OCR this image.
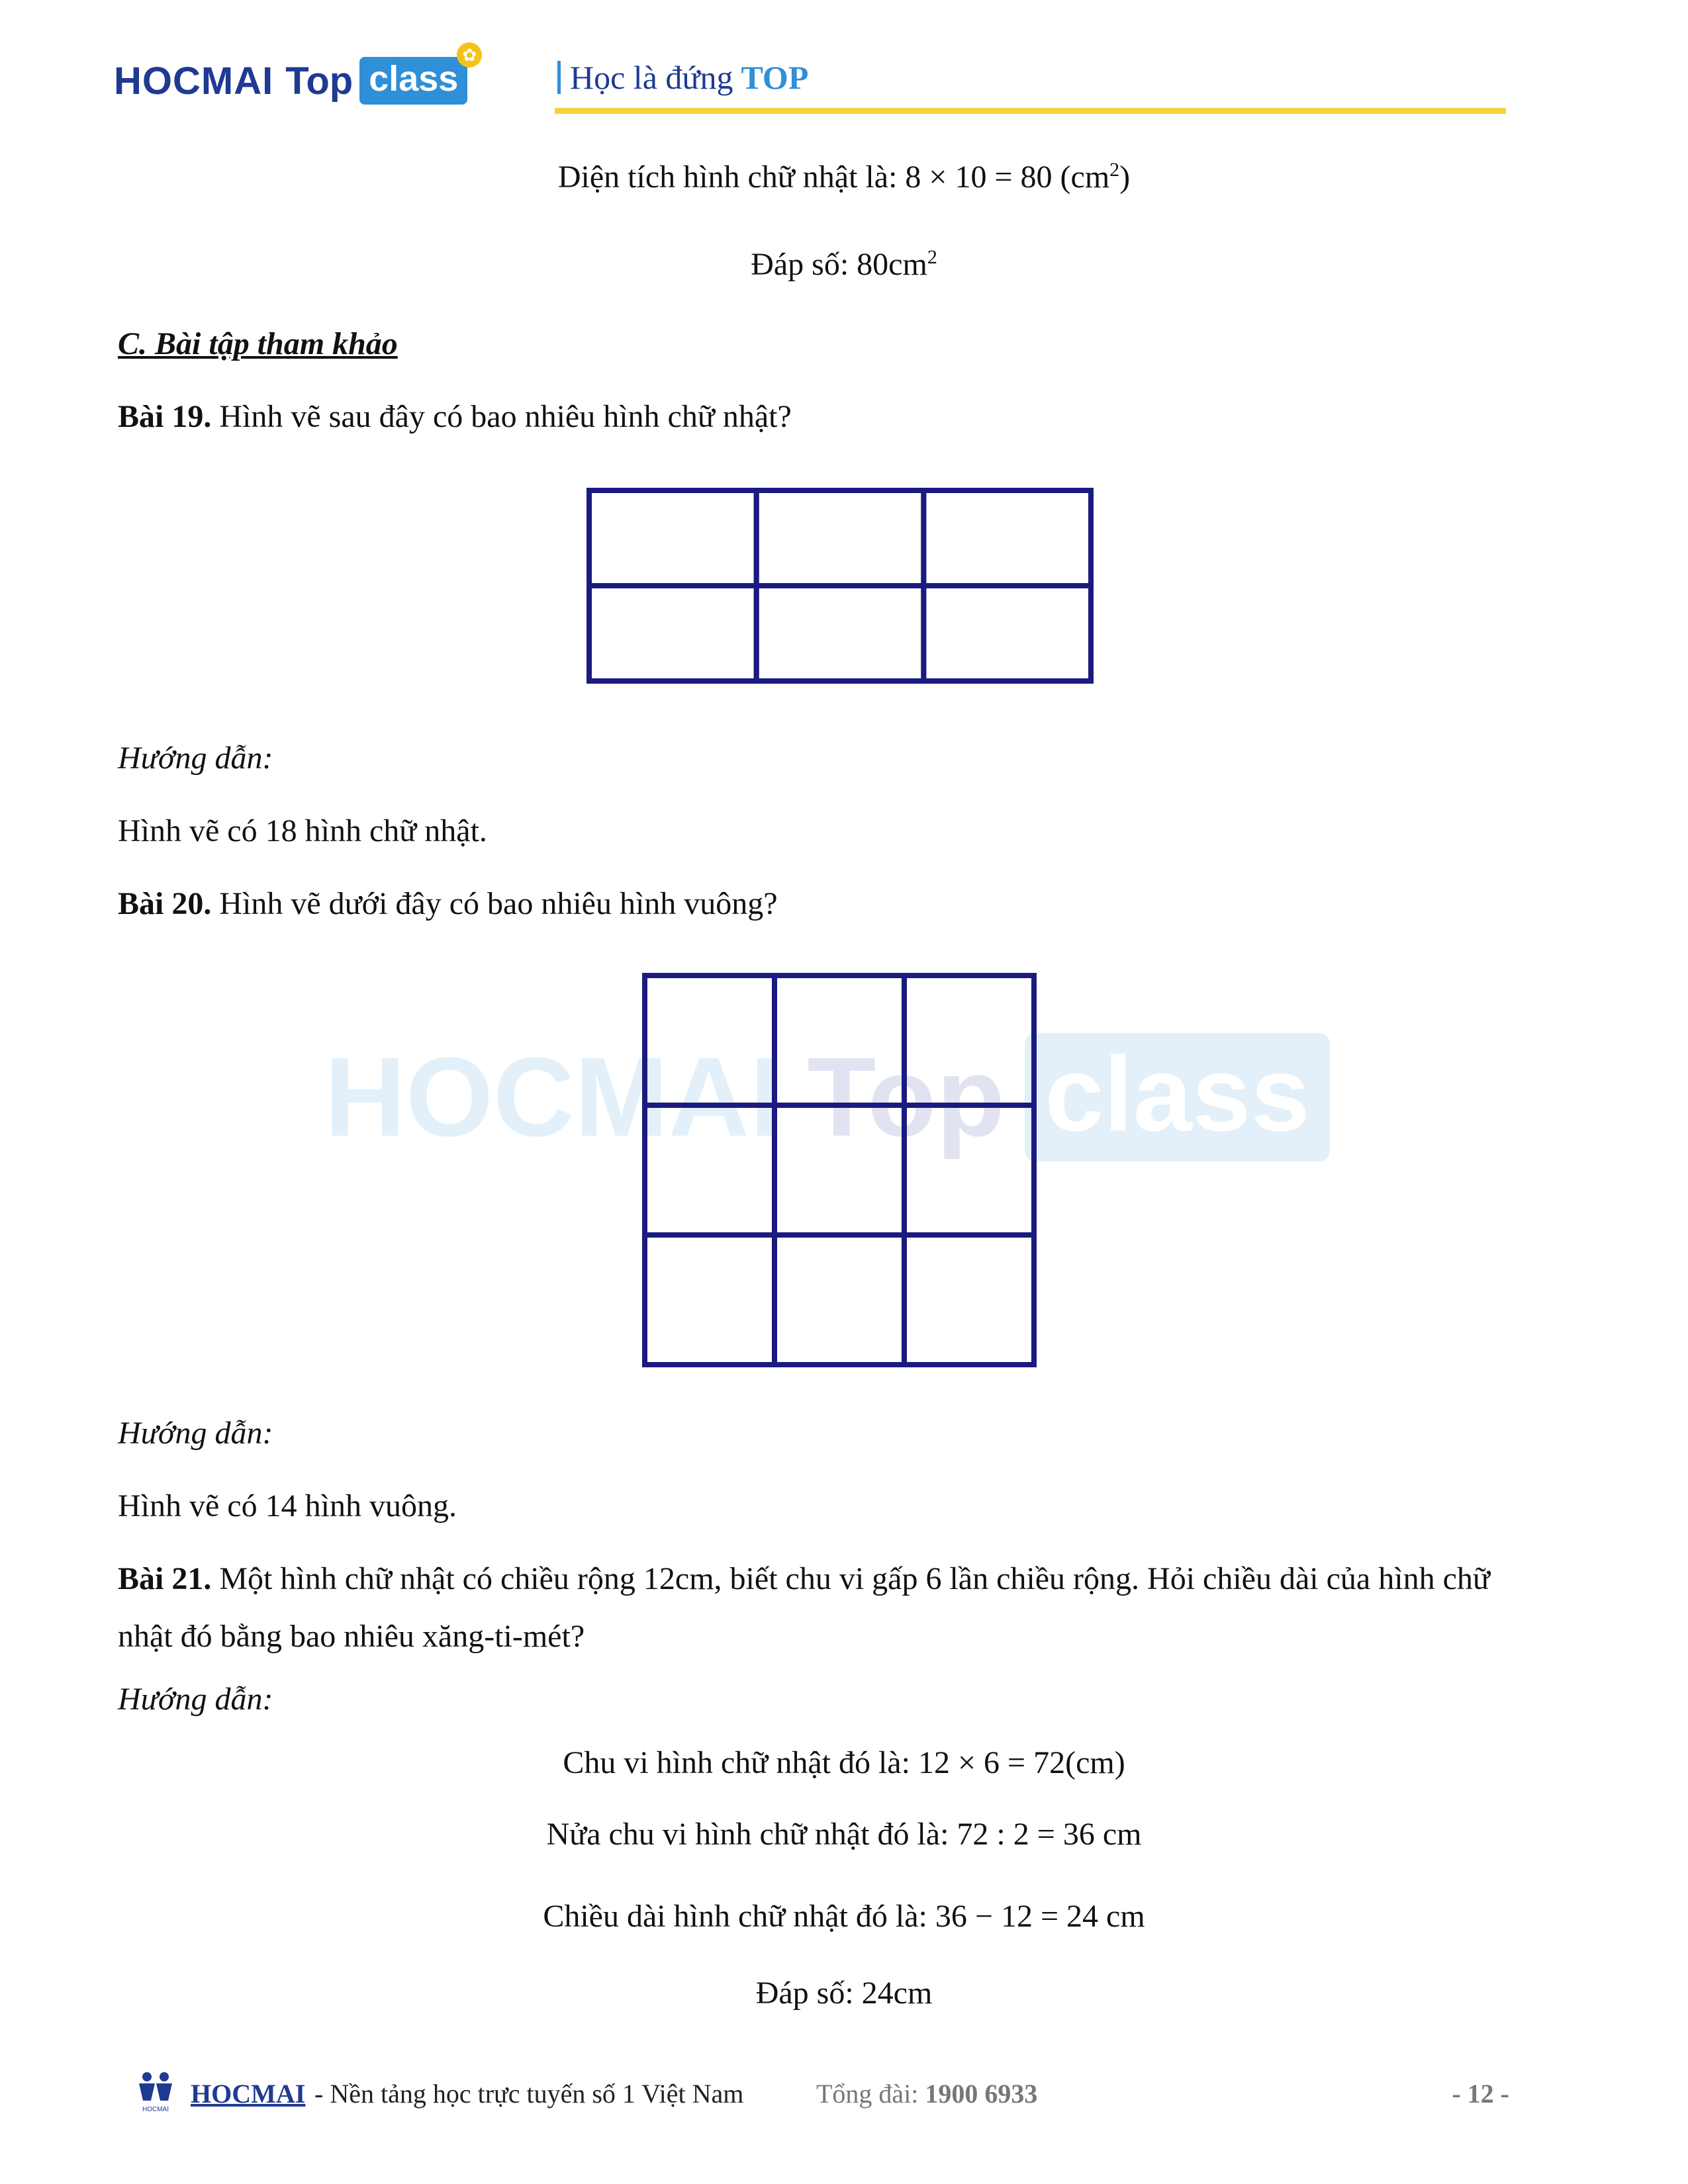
HOCMAI Top class
✿
Học là đứng TOP
HOCMAI Top class
Diện tích hình chữ nhật là: 8 × 10 = 80 $(cm^2)$
Đáp số: $80cm^2$
C. Bài tập tham khảo
Bài 19. Hình vẽ sau đây có bao nhiêu hình chữ nhật?
Hướng dẫn:
Hình vẽ có 18 hình chữ nhật.
Bài 20. Hình vẽ dưới đây có bao nhiêu hình vuông?
Hướng dẫn:
Hình vẽ có 14 hình vuông.
Bài 21. Một hình chữ nhật có chiều rộng 12cm, biết chu vi gấp 6 lần chiều rộng. Hỏi chiều dài của hình chữ
nhật đó bằng bao nhiêu xăng-ti-mét?
Hướng dẫn:
Chu vi hình chữ nhật đó là: 12 × 6 = 72(cm)
Nửa chu vi hình chữ nhật đó là: 72 : 2 = 36 cm
Chiều dài hình chữ nhật đó là: 36 − 12 = 24 cm
Đáp số: 24cm
HOCMAI
HOCMAI - Nền tảng học trực tuyến số 1 Việt Nam	Tổng đài: 1900 6933	- 12 -
